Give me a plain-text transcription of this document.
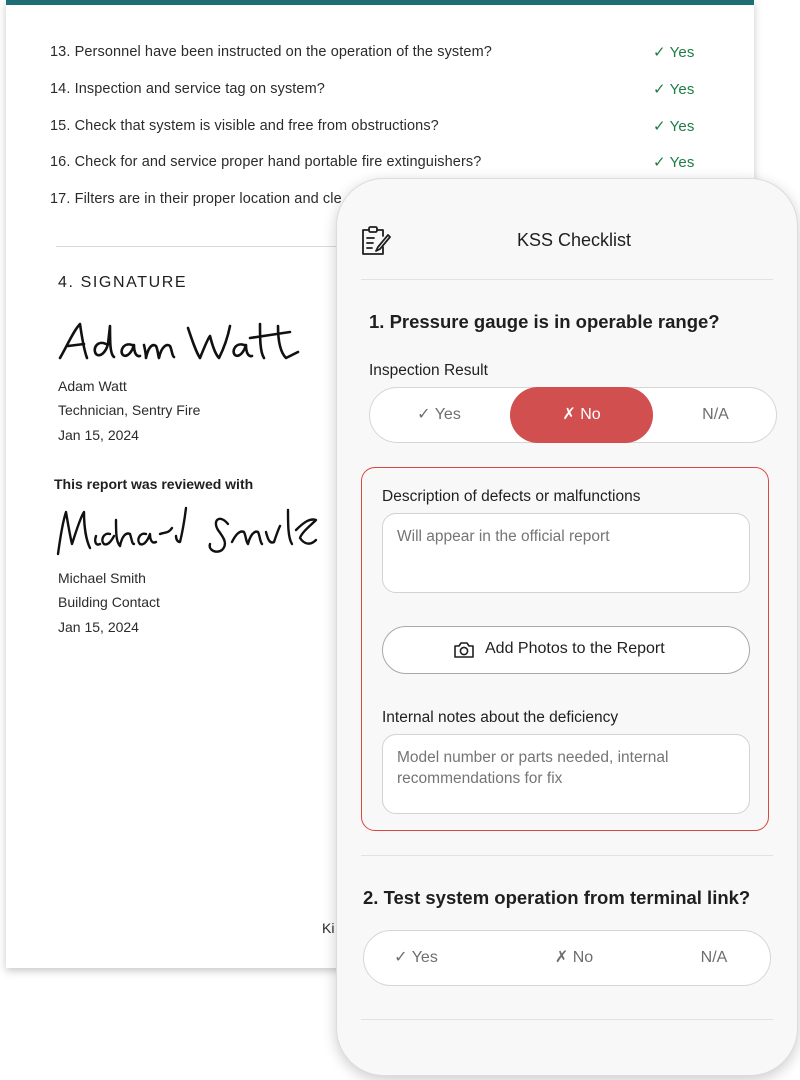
13. Personnel have been instructed on the operation of the system?	✓ Yes
14. Inspection and service tag on system?	✓ Yes
15. Check that system is visible and free from obstructions?	✓ Yes
16. Check for and service proper hand portable fire extinguishers?	✓ Yes
17. Filters are in their proper location and cle
4. SIGNATURE
Adam Watt
Technician, Sentry Fire
Jan 15, 2024
This report was reviewed with
Michael Smith
Building Contact
Jan 15, 2024
Ki
KSS Checklist
1. Pressure gauge is in operable range?
Inspection Result
✓ Yes	✗ No	N/A
Description of defects or malfunctions
Will appear in the official report
Add Photos to the Report
Internal notes about the deficiency
Model number or parts needed, internal recommendations for fix
2. Test system operation from terminal link?
✓ Yes	✗ No	N/A
